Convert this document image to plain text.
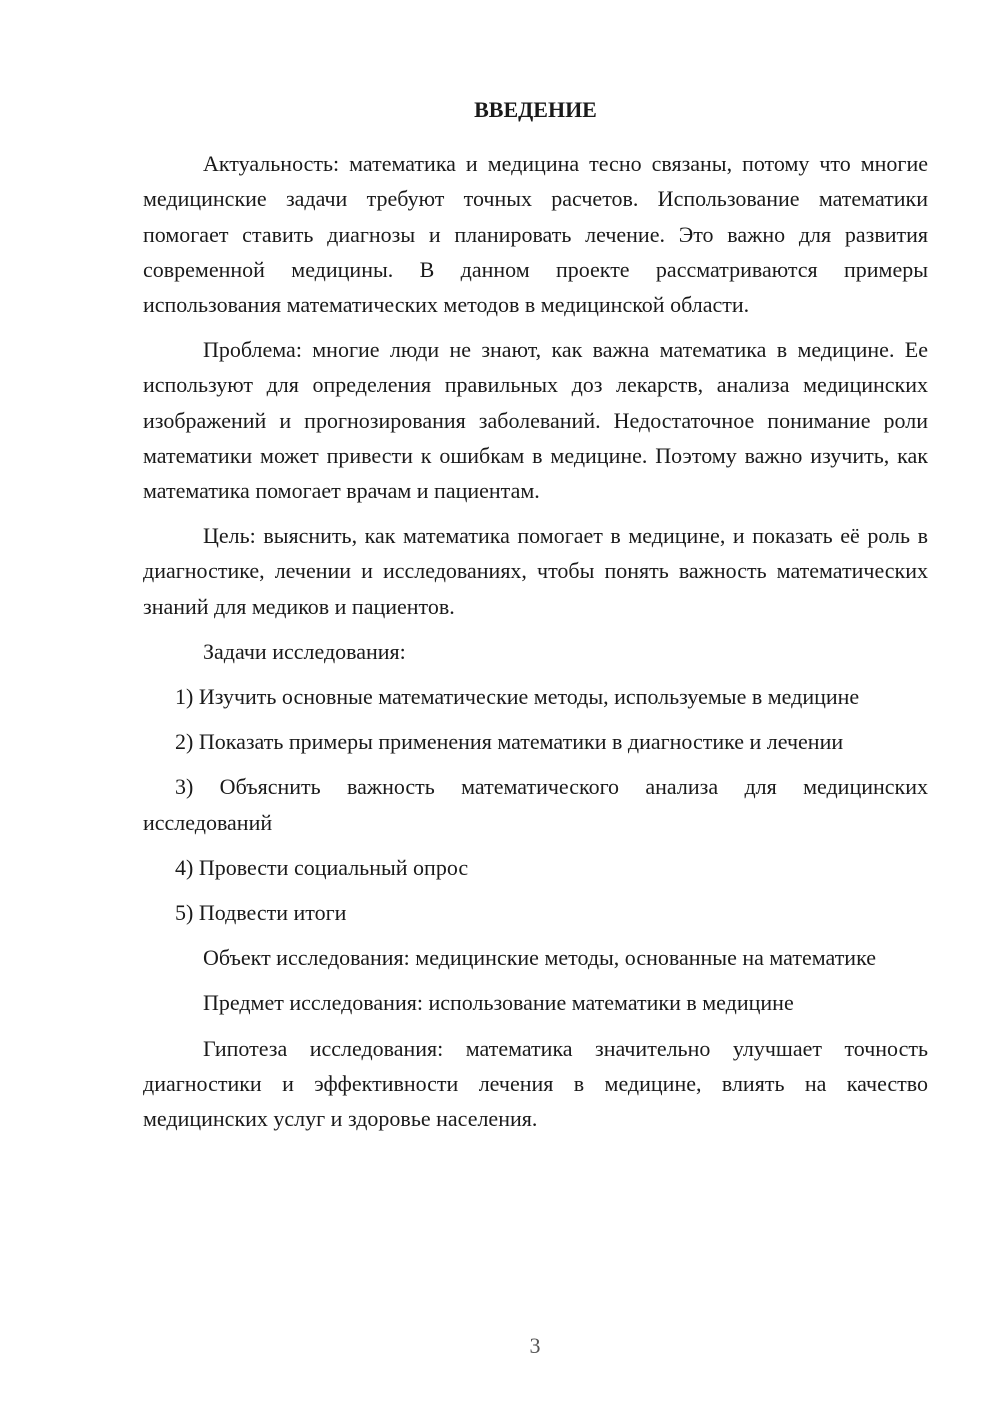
ВВЕДЕНИЕ

Актуальность: математика и медицина тесно связаны, потому что многие медицинские задачи требуют точных расчетов. Использование математики помогает ставить диагнозы и планировать лечение. Это важно для развития современной медицины. В данном проекте рассматриваются примеры использования математических методов в медицинской области.

Проблема: многие люди не знают, как важна математика в медицине. Ее используют для определения правильных доз лекарств, анализа медицинских изображений и прогнозирования заболеваний. Недостаточное понимание роли математики может привести к ошибкам в медицине. Поэтому важно изучить, как математика помогает врачам и пациентам.

Цель: выяснить, как математика помогает в медицине, и показать её роль в диагностике, лечении и исследованиях, чтобы понять важность математических знаний для медиков и пациентов.

Задачи исследования:

1) Изучить основные математические методы, используемые в медицине

2) Показать примеры применения математики в диагностике и лечении

3) Объяснить важность математического анализа для медицинских исследований

4) Провести социальный опрос

5) Подвести итоги

Объект исследования: медицинские методы, основанные на математике

Предмет исследования: использование математики в медицине

Гипотеза исследования: математика значительно улучшает точность диагностики и эффективности лечения в медицине, влиять на качество медицинских услуг и здоровье населения.

3
